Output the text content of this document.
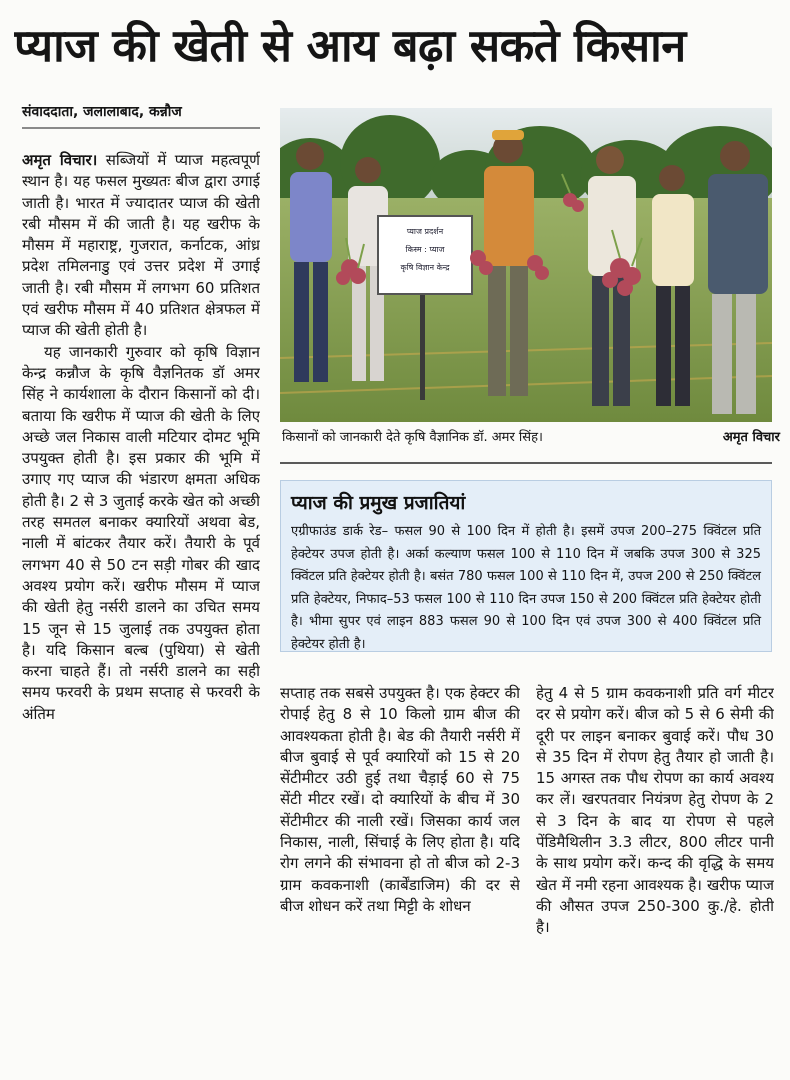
प्याज की खेती से आय बढ़ा सकते किसान
संवाददाता, जलालाबाद, कन्नौज

अमृत विचार। सब्जियों में प्याज महत्वपूर्ण स्थान है। यह फसल मुख्यतः बीज द्वारा उगाई जाती है। भारत में ज्यादातर प्याज की खेती रबी मौसम में की जाती है। यह खरीफ के मौसम में महाराष्ट्र, गुजरात, कर्नाटक, आंध्र प्रदेश तमिलनाडु एवं उत्तर प्रदेश में उगाई जाती है। रबी मौसम में लगभग 60 प्रतिशत एवं खरीफ मौसम में 40 प्रतिशत क्षेत्रफल में प्याज की खेती होती है।

यह जानकारी गुरुवार को कृषि विज्ञान केन्द्र कन्नौज के कृषि वैज्ञनितक डॉ अमर सिंह ने कार्यशाला के दौरान किसानों को दी। बताया कि खरीफ में प्याज की खेती के लिए अच्छे जल निकास वाली मटियार दोमट भूमि उपयुक्त होती है। इस प्रकार की भूमि में उगाए गए प्याज की भंडारण क्षमता अधिक होती है। 2 से 3 जुताई करके खेत को अच्छी तरह समतल बनाकर क्यारियों अथवा बेड, नाली में बांटकर तैयार करें। तैयारी के पूर्व लगभग 40 से 50 टन सड़ी गोबर की खाद अवश्य प्रयोग करें। खरीफ मौसम में प्याज की खेती हेतु नर्सरी डालने का उचित समय 15 जून से 15 जुलाई तक उपयुक्त होता है। यदि किसान बल्ब (पुथिया) से खेती करना चाहते हैं। तो नर्सरी डालने का सही समय फरवरी के प्रथम सप्ताह से फरवरी के अंतिम

प्याज प्रदर्शन
किस्म : प्याज
कृषि विज्ञान केन्द्र
किसानों को जानकारी देते कृषि वैज्ञानिक डॉ. अमर सिंह।	अमृत विचार
प्याज की प्रमुख प्रजातियां

एग्रीफाउंड डार्क रेड– फसल 90 से 100 दिन में होती है। इसमें उपज 200–275 क्विंटल प्रति हेक्टेयर उपज होती है। अर्का कल्याण फसल 100 से 110 दिन में जबकि उपज 300 से 325 क्विंटल प्रति हेक्टेयर होती है। बसंत 780 फसल 100 से 110 दिन में, उपज 200 से 250 क्विंटल प्रति हेक्टेयर, निफाद–53 फसल 100 से 110 दिन उपज 150 से 200 क्विंटल प्रति हेक्टेयर होती है। भीमा सुपर एवं लाइन 883 फसल 90 से 100 दिन एवं उपज 300 से 400 क्विंटल प्रति हेक्टेयर होती है।

सप्ताह तक सबसे उपयुक्त है। एक हेक्टर की रोपाई हेतु 8 से 10 किलो ग्राम बीज की आवश्यकता होती है। बेड की तैयारी नर्सरी में बीज बुवाई से पूर्व क्यारियों को 15 से 20 सेंटीमीटर उठी हुई तथा चैड़ाई 60 से 75 सेंटी मीटर रखें। दो क्यारियों के बीच में 30 सेंटीमीटर की नाली रखें। जिसका कार्य जल निकास, नाली, सिंचाई के लिए होता है। यदि रोग लगने की संभावना हो तो बीज को 2-3 ग्राम कवकनाशी (कार्बेंडाजिम) की दर से बीज शोधन करें तथा मिट्टी के शोधन

हेतु 4 से 5 ग्राम कवकनाशी प्रति वर्ग मीटर दर से प्रयोग करें। बीज को 5 से 6 सेमी की दूरी पर लाइन बनाकर बुवाई करें। पौध 30 से 35 दिन में रोपण हेतु तैयार हो जाती है। 15 अगस्त तक पौध रोपण का कार्य अवश्य कर लें। खरपतवार नियंत्रण हेतु रोपण के 2 से 3 दिन के बाद या रोपण से पहले पेंडिमैथिलीन 3.3 लीटर, 800 लीटर पानी के साथ प्रयोग करें। कन्द की वृद्धि के समय खेत में नमी रहना आवश्यक है। खरीफ प्याज की औसत उपज 250-300 कु./हे. होती है।
